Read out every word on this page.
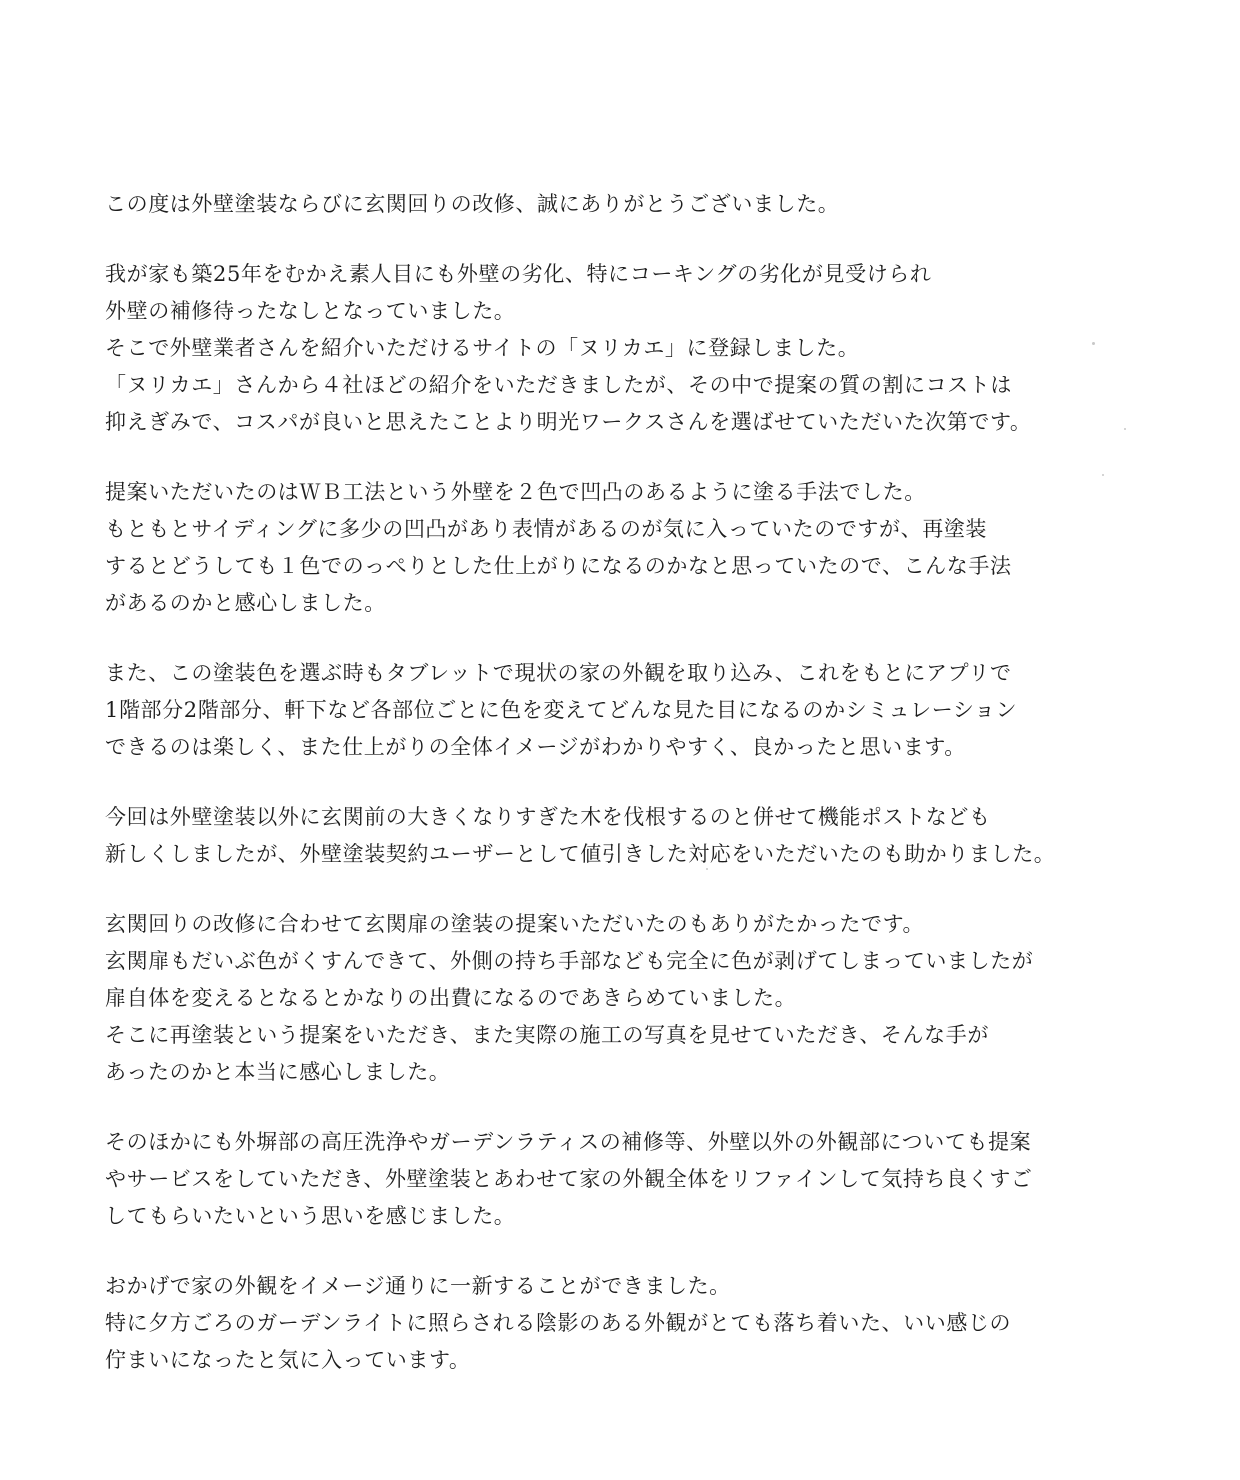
この度は外壁塗装ならびに玄関回りの改修、誠にありがとうございました。
我が家も築25年をむかえ素人目にも外壁の劣化、特にコーキングの劣化が見受けられ
外壁の補修待ったなしとなっていました。
そこで外壁業者さんを紹介いただけるサイトの「ヌリカエ」に登録しました。
「ヌリカエ」さんから４社ほどの紹介をいただきましたが、その中で提案の質の割にコストは
抑えぎみで、コスパが良いと思えたことより明光ワークスさんを選ばせていただいた次第です。
提案いただいたのはＷＢ工法という外壁を２色で凹凸のあるように塗る手法でした。
もともとサイディングに多少の凹凸があり表情があるのが気に入っていたのですが、再塗装
するとどうしても１色でのっぺりとした仕上がりになるのかなと思っていたので、こんな手法
があるのかと感心しました。
また、この塗装色を選ぶ時もタブレットで現状の家の外観を取り込み、これをもとにアプリで
1階部分2階部分、軒下など各部位ごとに色を変えてどんな見た目になるのかシミュレーション
できるのは楽しく、また仕上がりの全体イメージがわかりやすく、良かったと思います。
今回は外壁塗装以外に玄関前の大きくなりすぎた木を伐根するのと併せて機能ポストなども
新しくしましたが、外壁塗装契約ユーザーとして値引きした対応をいただいたのも助かりました。
玄関回りの改修に合わせて玄関扉の塗装の提案いただいたのもありがたかったです。
玄関扉もだいぶ色がくすんできて、外側の持ち手部なども完全に色が剥げてしまっていましたが
扉自体を変えるとなるとかなりの出費になるのであきらめていました。
そこに再塗装という提案をいただき、また実際の施工の写真を見せていただき、そんな手が
あったのかと本当に感心しました。
そのほかにも外塀部の高圧洗浄やガーデンラティスの補修等、外壁以外の外観部についても提案
やサービスをしていただき、外壁塗装とあわせて家の外観全体をリファインして気持ち良くすご
してもらいたいという思いを感じました。
おかげで家の外観をイメージ通りに一新することができました。
特に夕方ごろのガーデンライトに照らされる陰影のある外観がとても落ち着いた、いい感じの
佇まいになったと気に入っています。
